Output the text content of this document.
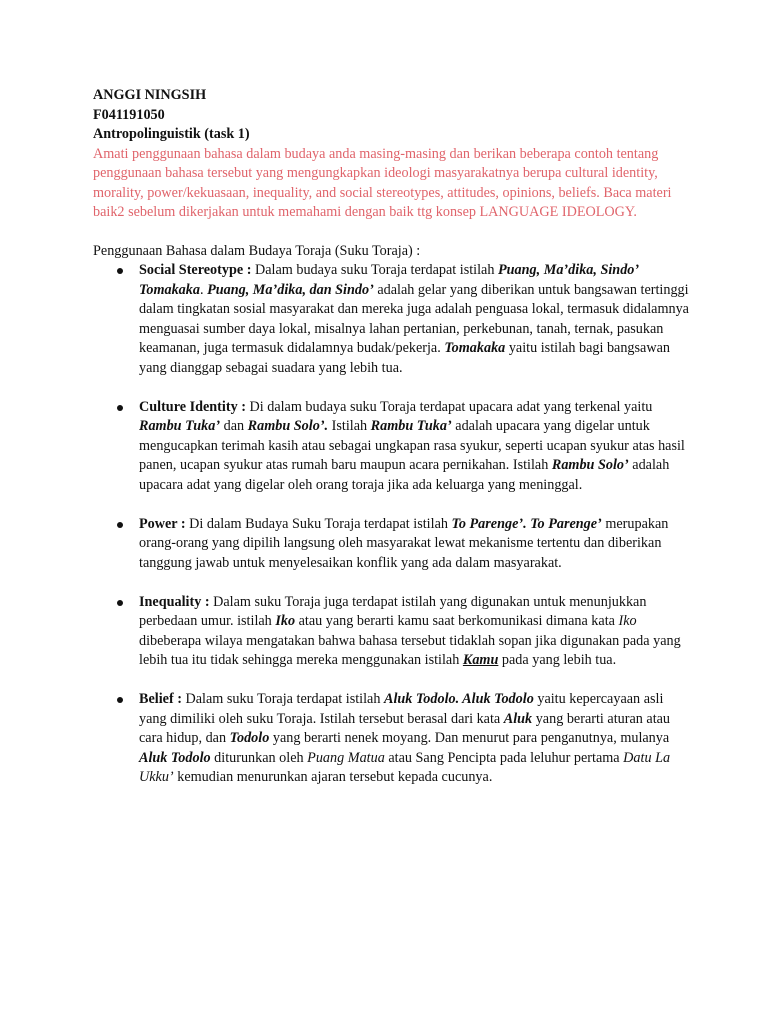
ANGGI NINGSIH

F041191050

Antropolinguistik (task 1)

Amati penggunaan bahasa dalam budaya anda masing-masing dan berikan beberapa contoh tentang penggunaan bahasa tersebut yang mengungkapkan ideologi masyarakatnya berupa cultural identity, morality, power/kekuasaan, inequality, and social stereotypes, attitudes, opinions, beliefs. Baca materi baik2 sebelum dikerjakan untuk memahami dengan baik ttg konsep LANGUAGE IDEOLOGY.

Penggunaan Bahasa dalam Budaya Toraja (Suku Toraja) :

Social Stereotype : Dalam budaya suku Toraja terdapat istilah Puang, Ma’dika, Sindo’ Tomakaka. Puang, Ma’dika, dan Sindo’ adalah gelar yang diberikan untuk bangsawan tertinggi dalam tingkatan sosial masyarakat dan mereka juga adalah penguasa lokal, termasuk didalamnya menguasai sumber daya lokal, misalnya lahan pertanian, perkebunan, tanah, ternak, pasukan keamanan, juga termasuk didalamnya budak/pekerja. Tomakaka yaitu istilah bagi bangsawan yang dianggap sebagai suadara yang lebih tua.
Culture Identity : Di dalam budaya suku Toraja terdapat upacara adat yang terkenal yaitu Rambu Tuka’ dan Rambu Solo’. Istilah Rambu Tuka’ adalah upacara yang digelar untuk mengucapkan terimah kasih atau sebagai ungkapan rasa syukur, seperti ucapan syukur atas hasil panen, ucapan syukur atas rumah baru maupun acara pernikahan. Istilah Rambu Solo’ adalah upacara adat yang digelar oleh orang toraja jika ada keluarga yang meninggal.
Power : Di dalam Budaya Suku Toraja terdapat istilah To Parenge’. To Parenge’ merupakan orang-orang yang dipilih langsung oleh masyarakat lewat mekanisme tertentu dan diberikan tanggung jawab untuk menyelesaikan konflik yang ada dalam masyarakat.
Inequality : Dalam suku Toraja juga terdapat istilah yang digunakan untuk menunjukkan perbedaan umur. istilah Iko atau yang berarti kamu saat berkomunikasi dimana kata Iko dibeberapa wilaya mengatakan bahwa bahasa tersebut tidaklah sopan jika digunakan pada yang lebih tua itu tidak sehingga mereka menggunakan istilah Kamu pada yang lebih tua.
Belief : Dalam suku Toraja terdapat istilah Aluk Todolo. Aluk Todolo yaitu kepercayaan asli yang dimiliki oleh suku Toraja. Istilah tersebut berasal dari kata Aluk yang berarti aturan atau cara hidup, dan Todolo yang berarti nenek moyang. Dan menurut para penganutnya, mulanya Aluk Todolo diturunkan oleh Puang Matua atau Sang Pencipta pada leluhur pertama Datu La Ukku’ kemudian menurunkan ajaran tersebut kepada cucunya.
